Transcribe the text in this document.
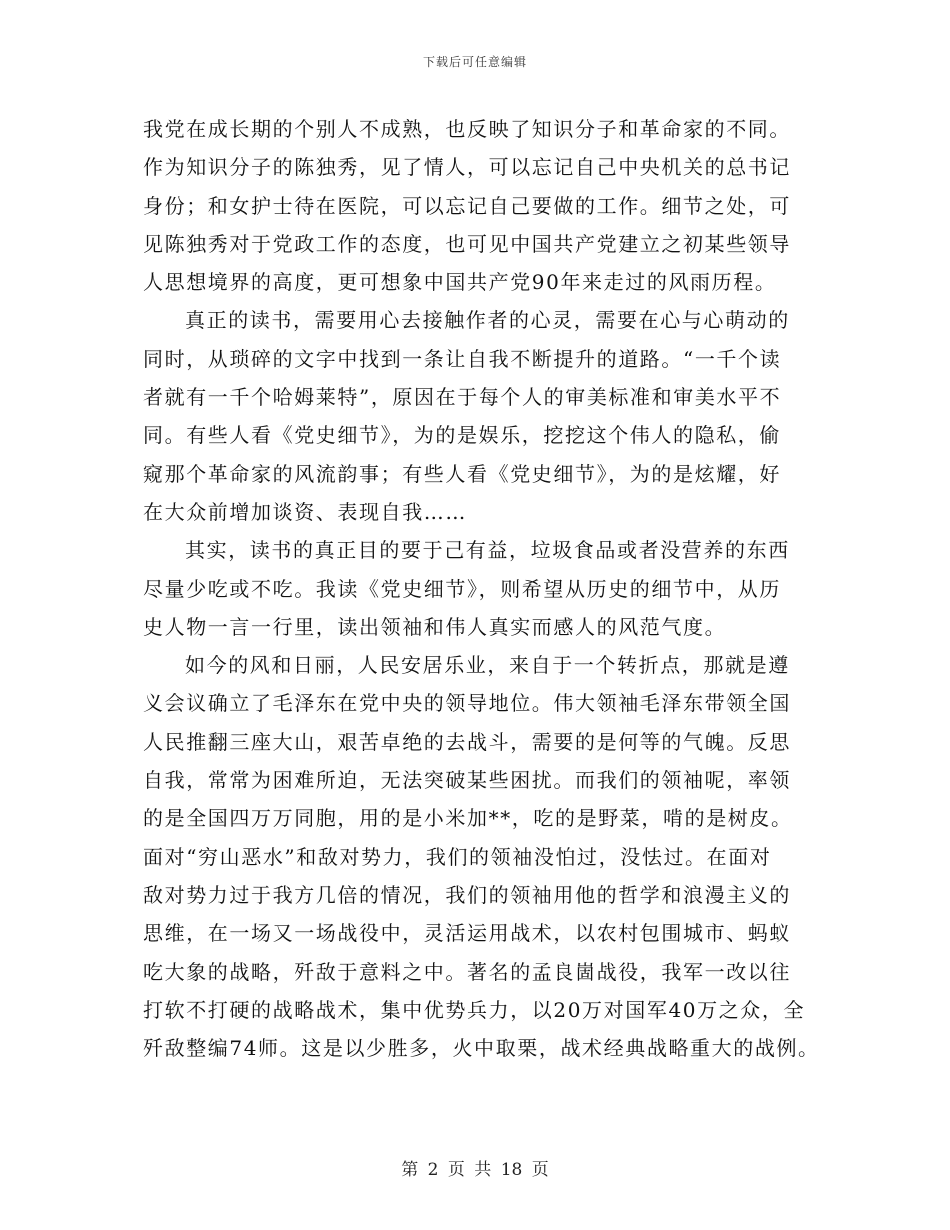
下载后可任意编辑
我党在成长期的个别人不成熟，也反映了知识分子和革命家的不同。
作为知识分子的陈独秀，见了情人，可以忘记自己中央机关的总书记
身份；和女护士待在医院，可以忘记自己要做的工作。细节之处，可
见陈独秀对于党政工作的态度，也可见中国共产党建立之初某些领导
人思想境界的高度，更可想象中国共产党90年来走过的风雨历程。
真正的读书，需要用心去接触作者的心灵，需要在心与心萌动的
同时，从琐碎的文字中找到一条让自我不断提升的道路。“一千个读
者就有一千个哈姆莱特”，原因在于每个人的审美标准和审美水平不
同。有些人看《党史细节》，为的是娱乐，挖挖这个伟人的隐私，偷
窥那个革命家的风流韵事；有些人看《党史细节》，为的是炫耀，好
在大众前增加谈资、表现自我……
其实，读书的真正目的要于己有益，垃圾食品或者没营养的东西
尽量少吃或不吃。我读《党史细节》，则希望从历史的细节中，从历
史人物一言一行里，读出领袖和伟人真实而感人的风范气度。
如今的风和日丽，人民安居乐业，来自于一个转折点，那就是遵
义会议确立了毛泽东在党中央的领导地位。伟大领袖毛泽东带领全国
人民推翻三座大山，艰苦卓绝的去战斗，需要的是何等的气魄。反思
自我，常常为困难所迫，无法突破某些困扰。而我们的领袖呢，率领
的是全国四万万同胞，用的是小米加**，吃的是野菜，啃的是树皮。
面对“穷山恶水”和敌对势力，我们的领袖没怕过，没怯过。在面对
敌对势力过于我方几倍的情况，我们的领袖用他的哲学和浪漫主义的
思维，在一场又一场战役中，灵活运用战术，以农村包围城市、蚂蚁
吃大象的战略，歼敌于意料之中。著名的孟良崮战役，我军一改以往
打软不打硬的战略战术，集中优势兵力，以20万对国军40万之众，全
歼敌整编74师。这是以少胜多，火中取栗，战术经典战略重大的战例。
第 2 页 共 18 页
